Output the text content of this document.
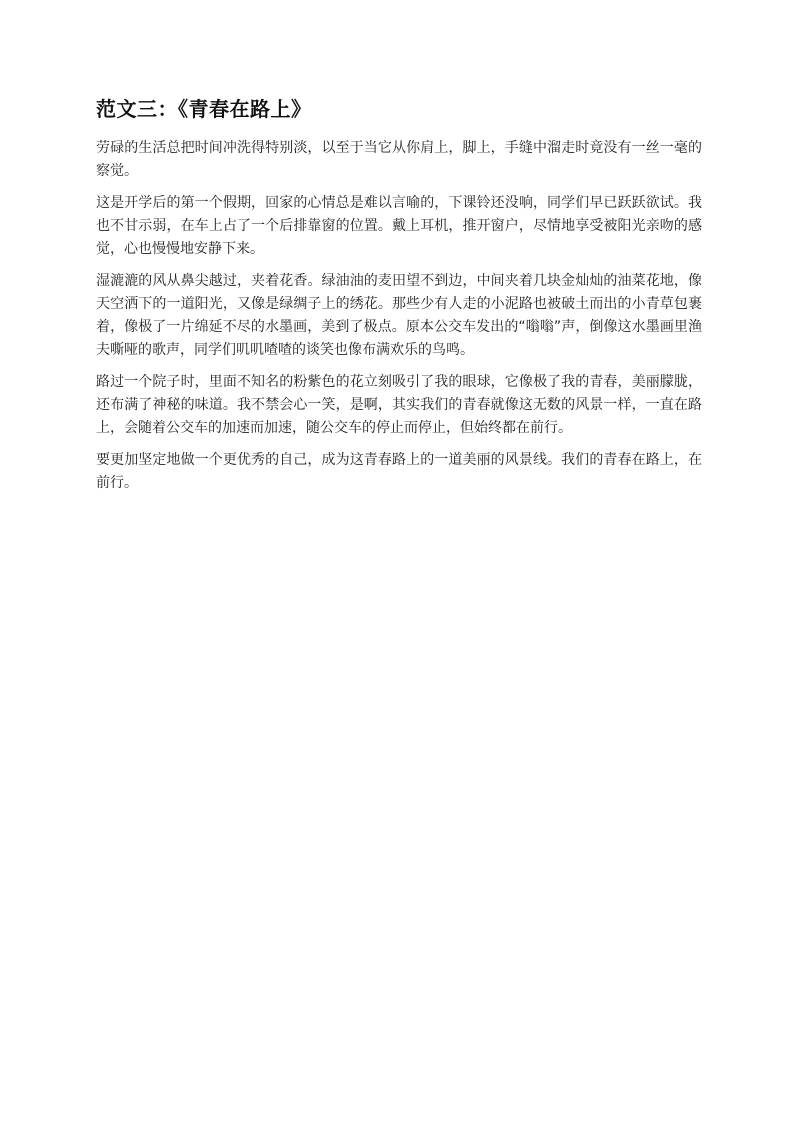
范文三：《青春在路上》

劳碌的生活总把时间冲洗得特别淡，以至于当它从你肩上，脚上，手缝中溜走时竟没有一丝一毫的察觉。

这是开学后的第一个假期，回家的心情总是难以言喻的，下课铃还没响，同学们早已跃跃欲试。我也不甘示弱，在车上占了一个后排靠窗的位置。戴上耳机，推开窗户，尽情地享受被阳光亲吻的感觉，心也慢慢地安静下来。

湿漉漉的风从鼻尖越过，夹着花香。绿油油的麦田望不到边，中间夹着几块金灿灿的油菜花地，像天空洒下的一道阳光，又像是绿绸子上的绣花。那些少有人走的小泥路也被破土而出的小青草包裹着，像极了一片绵延不尽的水墨画，美到了极点。原本公交车发出的“嗡嗡”声，倒像这水墨画里渔夫嘶哑的歌声，同学们叽叽喳喳的谈笑也像布满欢乐的鸟鸣。

路过一个院子时，里面不知名的粉紫色的花立刻吸引了我的眼球，它像极了我的青春，美丽朦胧，还布满了神秘的味道。我不禁会心一笑，是啊，其实我们的青春就像这无数的风景一样，一直在路上，会随着公交车的加速而加速，随公交车的停止而停止，但始终都在前行。

要更加坚定地做一个更优秀的自己，成为这青春路上的一道美丽的风景线。我们的青春在路上，在前行。
